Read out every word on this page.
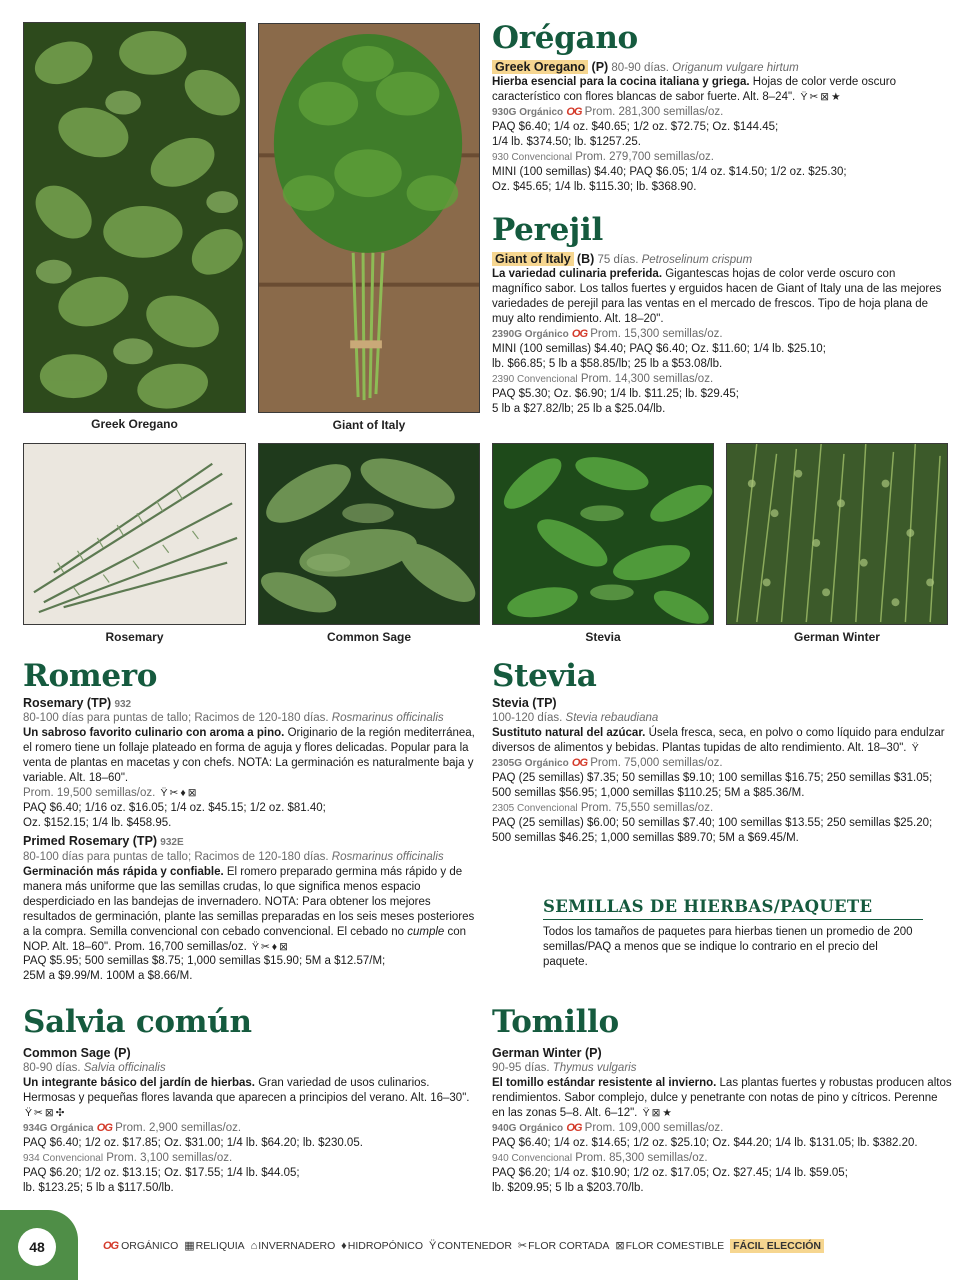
Greek Oregano	Giant of Italy
Rosemary	Common Sage	Stevia	German Winter
Orégano
Greek Oregano (P) 80-90 días. Origanum vulgare hirtum
Hierba esencial para la cocina italiana y griega. Hojas de color verde oscuro característico con flores blancas de sabor fuerte. Alt. 8–24". Ϋ ✂ ⊠ ★
930G Orgánico OG Prom. 281,300 semillas/oz.
PAQ $6.40; 1/4 oz. $40.65; 1/2 oz. $72.75; Oz. $144.45;
1/4 lb. $374.50; lb. $1257.25.
930 Convencional Prom. 279,700 semillas/oz.
MINI (100 semillas) $4.40; PAQ $6.05; 1/4 oz. $14.50; 1/2 oz. $25.30;
Oz. $45.65; 1/4 lb. $115.30; lb. $368.90.
Perejil
Giant of Italy (B) 75 días. Petroselinum crispum
La variedad culinaria preferida. Gigantescas hojas de color verde oscuro con magnífico sabor. Los tallos fuertes y erguidos hacen de Giant of Italy una de las mejores variedades de perejil para las ventas en el mercado de frescos. Tipo de hoja plana de muy alto rendimiento. Alt. 18–20".
2390G Orgánico OG Prom. 15,300 semillas/oz.
MINI (100 semillas) $4.40; PAQ $6.40; Oz. $11.60; 1/4 lb. $25.10;
lb. $66.85; 5 lb a $58.85/lb; 25 lb a $53.08/lb.
2390 Convencional Prom. 14,300 semillas/oz.
PAQ $5.30; Oz. $6.90; 1/4 lb. $11.25; lb. $29.45;
5 lb a $27.82/lb; 25 lb a $25.04/lb.
Romero
Rosemary (TP) 932
80-100 días para puntas de tallo; Racimos de 120-180 días. Rosmarinus officinalis
Un sabroso favorito culinario con aroma a pino. Originario de la región mediterránea, el romero tiene un follaje plateado en forma de aguja y flores delicadas. Popular para la venta de plantas en macetas y con chefs. NOTA: La germinación es naturalmente baja y variable. Alt. 18–60".
Prom. 19,500 semillas/oz. Ϋ ✂ ♦ ⊠
PAQ $6.40; 1/16 oz. $16.05; 1/4 oz. $45.15; 1/2 oz. $81.40;
Oz. $152.15; 1/4 lb. $458.95.
Primed Rosemary (TP) 932E
80-100 días para puntas de tallo; Racimos de 120-180 días. Rosmarinus officinalis
Germinación más rápida y confiable. El romero preparado germina más rápido y de manera más uniforme que las semillas crudas, lo que significa menos espacio desperdiciado en las bandejas de invernadero. NOTA: Para obtener los mejores resultados de germinación, plante las semillas preparadas en los seis meses posteriores a la compra. Semilla convencional con cebado convencional. El cebado no cumple con NOP. Alt. 18–60". Prom. 16,700 semillas/oz. Ϋ ✂ ♦ ⊠
PAQ $5.95; 500 semillas $8.75; 1,000 semillas $15.90; 5M a $12.57/M;
25M a $9.99/M. 100M a $8.66/M.
Stevia
Stevia (TP)
100-120 días. Stevia rebaudiana
Sustituto natural del azúcar. Úsela fresca, seca, en polvo o como líquido para endulzar diversos de alimentos y bebidas. Plantas tupidas de alto rendimiento. Alt. 18–30". Ϋ
2305G Orgánico OG Prom. 75,000 semillas/oz.
PAQ (25 semillas) $7.35; 50 semillas $9.10; 100 semillas $16.75; 250 semillas $31.05;
500 semillas $56.95; 1,000 semillas $110.25; 5M a $85.36/M.
2305 Convencional Prom. 75,550 semillas/oz.
PAQ (25 semillas) $6.00; 50 semillas $7.40; 100 semillas $13.55; 250 semillas $25.20;
500 semillas $46.25; 1,000 semillas $89.70; 5M a $69.45/M.
SEMILLAS DE HIERBAS/PAQUETE
Todos los tamaños de paquetes para hierbas tienen un promedio de 200 semillas/PAQ a menos que se indique lo contrario en el precio del paquete.
Salvia común
Common Sage (P)
80-90 días. Salvia officinalis
Un integrante básico del jardín de hierbas. Gran variedad de usos culinarios. Hermosas y pequeñas flores lavanda que aparecen a principios del verano. Alt. 16–30". Ϋ ✂ ⊠ ✣
934G Orgánica OG Prom. 2,900 semillas/oz.
PAQ $6.40; 1/2 oz. $17.85; Oz. $31.00; 1/4 lb. $64.20; lb. $230.05.
934 Convencional Prom. 3,100 semillas/oz.
PAQ $6.20; 1/2 oz. $13.15; Oz. $17.55; 1/4 lb. $44.05;
lb. $123.25; 5 lb a $117.50/lb.
Tomillo
German Winter (P)
90-95 días. Thymus vulgaris
El tomillo estándar resistente al invierno. Las plantas fuertes y robustas producen altos rendimientos. Sabor complejo, dulce y penetrante con notas de pino y cítricos. Perenne en las zonas 5–8. Alt. 6–12". Ϋ ⊠ ★
940G Orgánico OG Prom. 109,000 semillas/oz.
PAQ $6.40; 1/4 oz. $14.65; 1/2 oz. $25.10; Oz. $44.20; 1/4 lb. $131.05; lb. $382.20.
940 Convencional Prom. 85,300 semillas/oz.
PAQ $6.20; 1/4 oz. $10.90; 1/2 oz. $17.05; Oz. $27.45; 1/4 lb. $59.05;
lb. $209.95; 5 lb a $203.70/lb.
48	OG ORGÁNICO ▦RELIQUIA ⌂INVERNADERO ♦HIDROPÓNICO ΫCONTENEDOR ✂FLOR CORTADA ⊠FLOR COMESTIBLE FÁCIL ELECCIÓN
